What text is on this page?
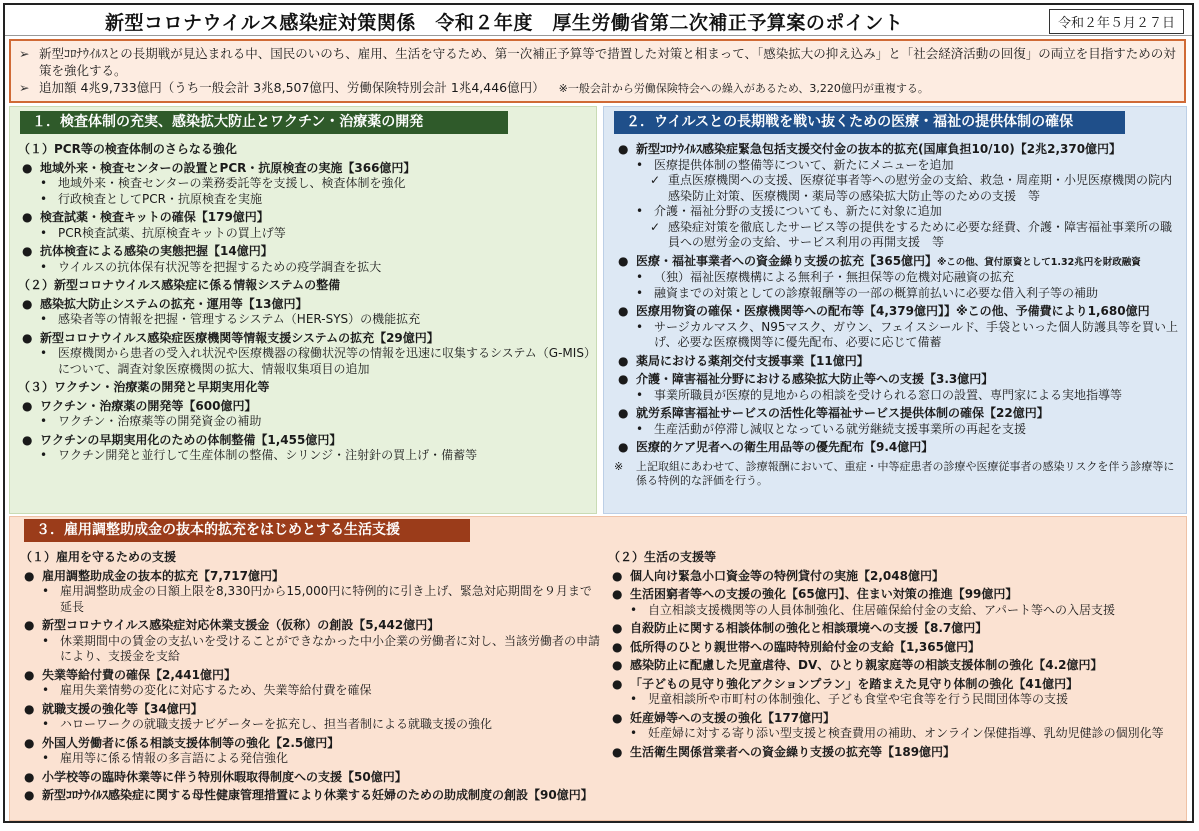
新型コロナウイルス感染症対策関係　令和２年度　厚生労働省第二次補正予算案のポイント	令和２年５月２７日
➢ 新型ｺﾛﾅｳｲﾙｽとの長期戦が見込まれる中、国民のいのち、雇用、生活を守るため、第一次補正予算等で措置した対策と相まって、「感染拡大の抑え込み」と「社会経済活動の回復」の両立を目指すための対策を強化する。
➢ 追加額 4兆9,733億円（うち一般会計 3兆8,507億円、労働保険特別会計 1兆4,446億円） ※一般会計から労働保険特会への繰入があるため、3,220億円が重複する。
１．検査体制の充実、感染拡大防止とワクチン・治療薬の開発
（１）PCR等の検査体制のさらなる強化
● 地域外来・検査センターの設置とPCR・抗原検査の実施【366億円】
• 地域外来・検査センターの業務委託等を支援し、検査体制を強化
• 行政検査としてPCR・抗原検査を実施
● 検査試薬・検査キットの確保【179億円】
• PCR検査試薬、抗原検査キットの買上げ等
● 抗体検査による感染の実態把握【14億円】
• ウイルスの抗体保有状況等を把握するための疫学調査を拡大
（２）新型コロナウイルス感染症に係る情報システムの整備
● 感染拡大防止システムの拡充・運用等【13億円】
• 感染者等の情報を把握・管理するシステム（HER-SYS）の機能拡充
● 新型コロナウイルス感染症医療機関等情報支援システムの拡充【29億円】
• 医療機関から患者の受入れ状況や医療機器の稼働状況等の情報を迅速に収集するシステム（G-MIS）について、調査対象医療機関の拡大、情報収集項目の追加
（３）ワクチン・治療薬の開発と早期実用化等
● ワクチン・治療薬の開発等【600億円】
• ワクチン・治療薬等の開発資金の補助
● ワクチンの早期実用化のための体制整備【1,455億円】
• ワクチン開発と並行して生産体制の整備、シリンジ・注射針の買上げ・備蓄等
２．ウイルスとの長期戦を戦い抜くための医療・福祉の提供体制の確保
● 新型ｺﾛﾅｳｲﾙｽ感染症緊急包括支援交付金の抜本的拡充(国庫負担10/10)【2兆2,370億円】
• 医療提供体制の整備等について、新たにメニューを追加
✓ 重点医療機関への支援、医療従事者等への慰労金の支給、救急・周産期・小児医療機関の院内感染防止対策、医療機関・薬局等の感染拡大防止等のための支援　等
• 介護・福祉分野の支援についても、新たに対象に追加
✓ 感染症対策を徹底したサービス等の提供をするために必要な経費、介護・障害福祉事業所の職員への慰労金の支給、サービス利用の再開支援　等
● 医療・福祉事業者への資金繰り支援の拡充【365億円】※この他、貸付原資として1.32兆円を財政融資
• （独）福祉医療機構による無利子・無担保等の危機対応融資の拡充
• 融資までの対策としての診療報酬等の一部の概算前払いに必要な借入利子等の補助
● 医療用物資の確保・医療機関等への配布等【4,379億円】】※この他、予備費により1,680億円
• サージカルマスク、N95マスク、ガウン、フェイスシールド、手袋といった個人防護具等を買い上げ、必要な医療機関等に優先配布、必要に応じて備蓄
● 薬局における薬剤交付支援事業【11億円】
● 介護・障害福祉分野における感染拡大防止等への支援【3.3億円】
• 事業所職員が医療的見地からの相談を受けられる窓口の設置、専門家による実地指導等
● 就労系障害福祉サービスの活性化等福祉サービス提供体制の確保【22億円】
• 生産活動が停滞し減収となっている就労継続支援事業所の再起を支援
● 医療的ケア児者への衛生用品等の優先配布【9.4億円】
※	上記取組にあわせて、診療報酬において、重症・中等症患者の診療や医療従事者の感染リスクを伴う診療等に係る特例的な評価を行う。
３．雇用調整助成金の抜本的拡充をはじめとする生活支援
（１）雇用を守るための支援
● 雇用調整助成金の抜本的拡充【7,717億円】
• 雇用調整助成金の日額上限を8,330円から15,000円に特例的に引き上げ、緊急対応期間を９月まで延長
● 新型コロナウイルス感染症対応休業支援金（仮称）の創設【5,442億円】
• 休業期間中の賃金の支払いを受けることができなかった中小企業の労働者に対し、当該労働者の申請により、支援金を支給
● 失業等給付費の確保【2,441億円】
• 雇用失業情勢の変化に対応するため、失業等給付費を確保
● 就職支援の強化等【34億円】
• ハローワークの就職支援ナビゲーターを拡充し、担当者制による就職支援の強化
● 外国人労働者に係る相談支援体制等の強化【2.5億円】
• 雇用等に係る情報の多言語による発信強化
● 小学校等の臨時休業等に伴う特別休暇取得制度への支援【50億円】
● 新型ｺﾛﾅｳｲﾙｽ感染症に関する母性健康管理措置により休業する妊婦のための助成制度の創設【90億円】
（２）生活の支援等
● 個人向け緊急小口資金等の特例貸付の実施【2,048億円】
● 生活困窮者等への支援の強化【65億円】、住まい対策の推進【99億円】
• 自立相談支援機関等の人員体制強化、住居確保給付金の支給、アパート等への入居支援
● 自殺防止に関する相談体制の強化と相談環境への支援【8.7億円】
● 低所得のひとり親世帯への臨時特別給付金の支給【1,365億円】
● 感染防止に配慮した児童虐待、DV、ひとり親家庭等の相談支援体制の強化【4.2億円】
● 「子どもの見守り強化アクションプラン」を踏まえた見守り体制の強化【41億円】
• 児童相談所や市町村の体制強化、子ども食堂や宅食等を行う民間団体等の支援
● 妊産婦等への支援の強化【177億円】
• 妊産婦に対する寄り添い型支援と検査費用の補助、オンライン保健指導、乳幼児健診の個別化等
● 生活衛生関係営業者への資金繰り支援の拡充等【189億円】
